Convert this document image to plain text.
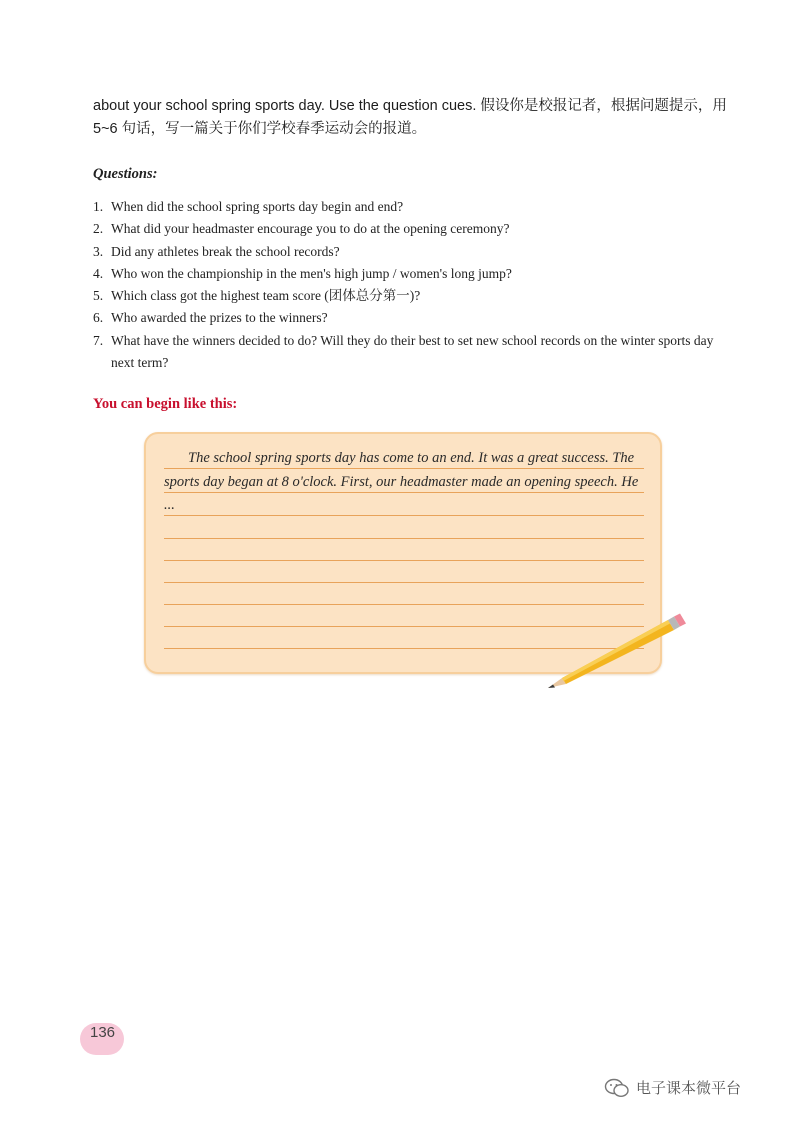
about your school spring sports day. Use the question cues. 假设你是校报记者，根据问题提示，用 5~6 句话，写一篇关于你们学校春季运动会的报道。
Questions:
1. When did the school spring sports day begin and end?
2. What did your headmaster encourage you to do at the opening ceremony?
3. Did any athletes break the school records?
4. Who won the championship in the men's high jump / women's long jump?
5. Which class got the highest team score (团体总分第一)?
6. Who awarded the prizes to the winners?
7. What have the winners decided to do? Will they do their best to set new school records on the winter sports day next term?
You can begin like this:
The school spring sports day has come to an end. It was a great success. The sports day began at 8 o'clock. First, our headmaster made an opening speech. He ...
136
电子课本微平台
